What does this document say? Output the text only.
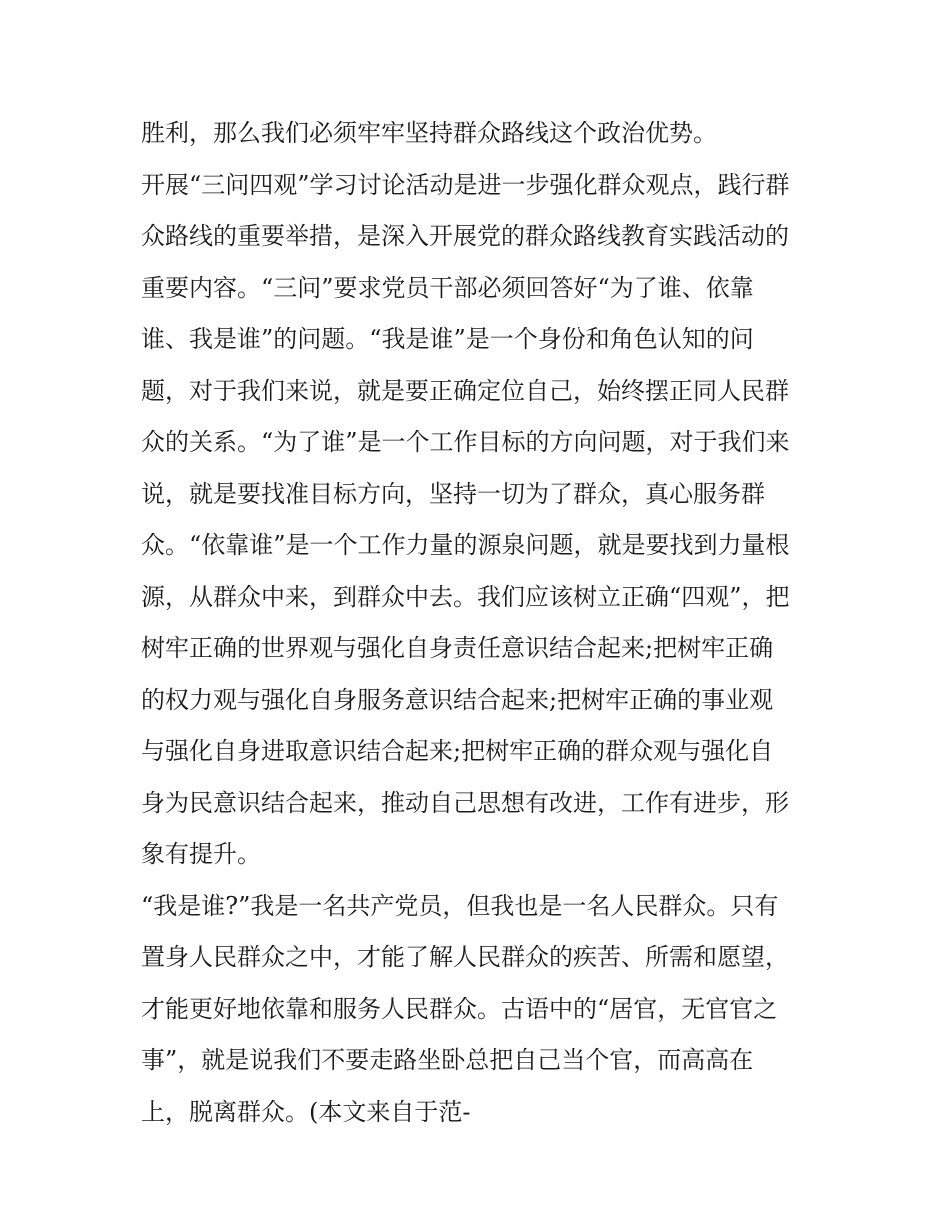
胜利，那么我们必须牢牢坚持群众路线这个政治优势。
开展“三问四观”学习讨论活动是进一步强化群众观点，践行群
众路线的重要举措，是深入开展党的群众路线教育实践活动的
重要内容。“三问”要求党员干部必须回答好“为了谁、依靠
谁、我是谁”的问题。“我是谁”是一个身份和角色认知的问
题，对于我们来说，就是要正确定位自己，始终摆正同人民群
众的关系。“为了谁”是一个工作目标的方向问题，对于我们来
说，就是要找准目标方向，坚持一切为了群众，真心服务群
众。“依靠谁”是一个工作力量的源泉问题，就是要找到力量根
源，从群众中来，到群众中去。我们应该树立正确“四观”，把
树牢正确的世界观与强化自身责任意识结合起来;把树牢正确
的权力观与强化自身服务意识结合起来;把树牢正确的事业观
与强化自身进取意识结合起来;把树牢正确的群众观与强化自
身为民意识结合起来，推动自己思想有改进，工作有进步，形
象有提升。
“我是谁?”我是一名共产党员，但我也是一名人民群众。只有
置身人民群众之中，才能了解人民群众的疾苦、所需和愿望，
才能更好地依靠和服务人民群众。古语中的“居官，无官官之
事”，就是说我们不要走路坐卧总把自己当个官，而高高在
上，脱离群众。(本文来自于范-
